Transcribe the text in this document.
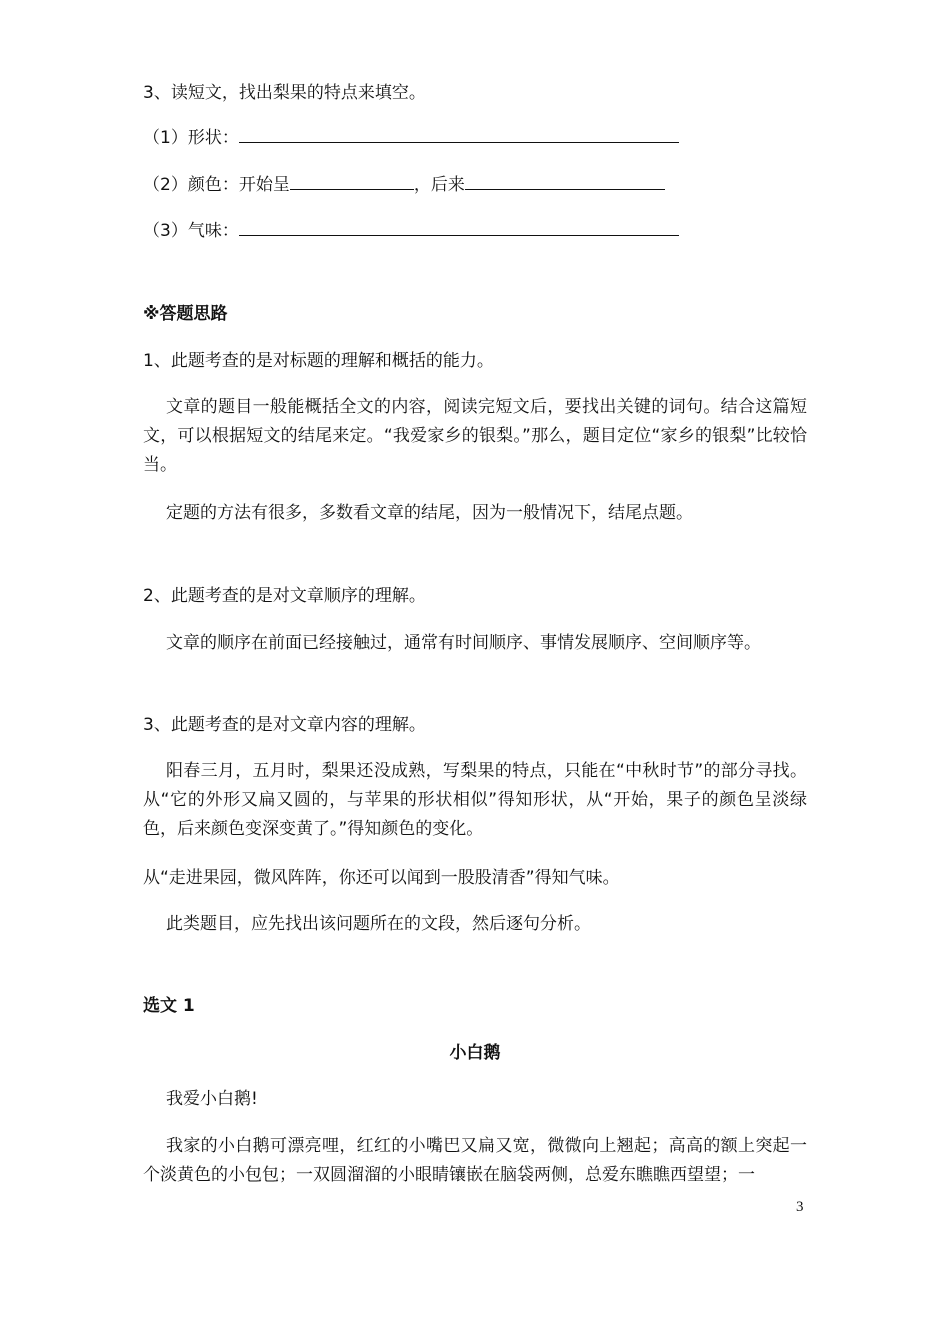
3、读短文，找出梨果的特点来填空。

（1）形状：

（2）颜色：开始呈	，后来

（3）气味：

※答题思路

1、此题考查的是对标题的理解和概括的能力。

文章的题目一般能概括全文的内容，阅读完短文后，要找出关键的词句。结合这篇短文，可以根据短文的结尾来定。“我爱家乡的银梨。”那么，题目定位“家乡的银梨”比较恰当。

定题的方法有很多，多数看文章的结尾，因为一般情况下，结尾点题。

2、此题考查的是对文章顺序的理解。

文章的顺序在前面已经接触过，通常有时间顺序、事情发展顺序、空间顺序等。

3、此题考查的是对文章内容的理解。

阳春三月，五月时，梨果还没成熟，写梨果的特点，只能在“中秋时节”的部分寻找。从“它的外形又扁又圆的，与苹果的形状相似”得知形状，从“开始，果子的颜色呈淡绿色，后来颜色变深变黄了。”得知颜色的变化。

从“走进果园，微风阵阵，你还可以闻到一股股清香”得知气味。

此类题目，应先找出该问题所在的文段，然后逐句分析。

选文 1

小白鹅

我爱小白鹅!

我家的小白鹅可漂亮哩，红红的小嘴巴又扁又宽，微微向上翘起；高高的额上突起一个淡黄色的小包包；一双圆溜溜的小眼睛镶嵌在脑袋两侧，总爱东瞧瞧西望望；一

3
